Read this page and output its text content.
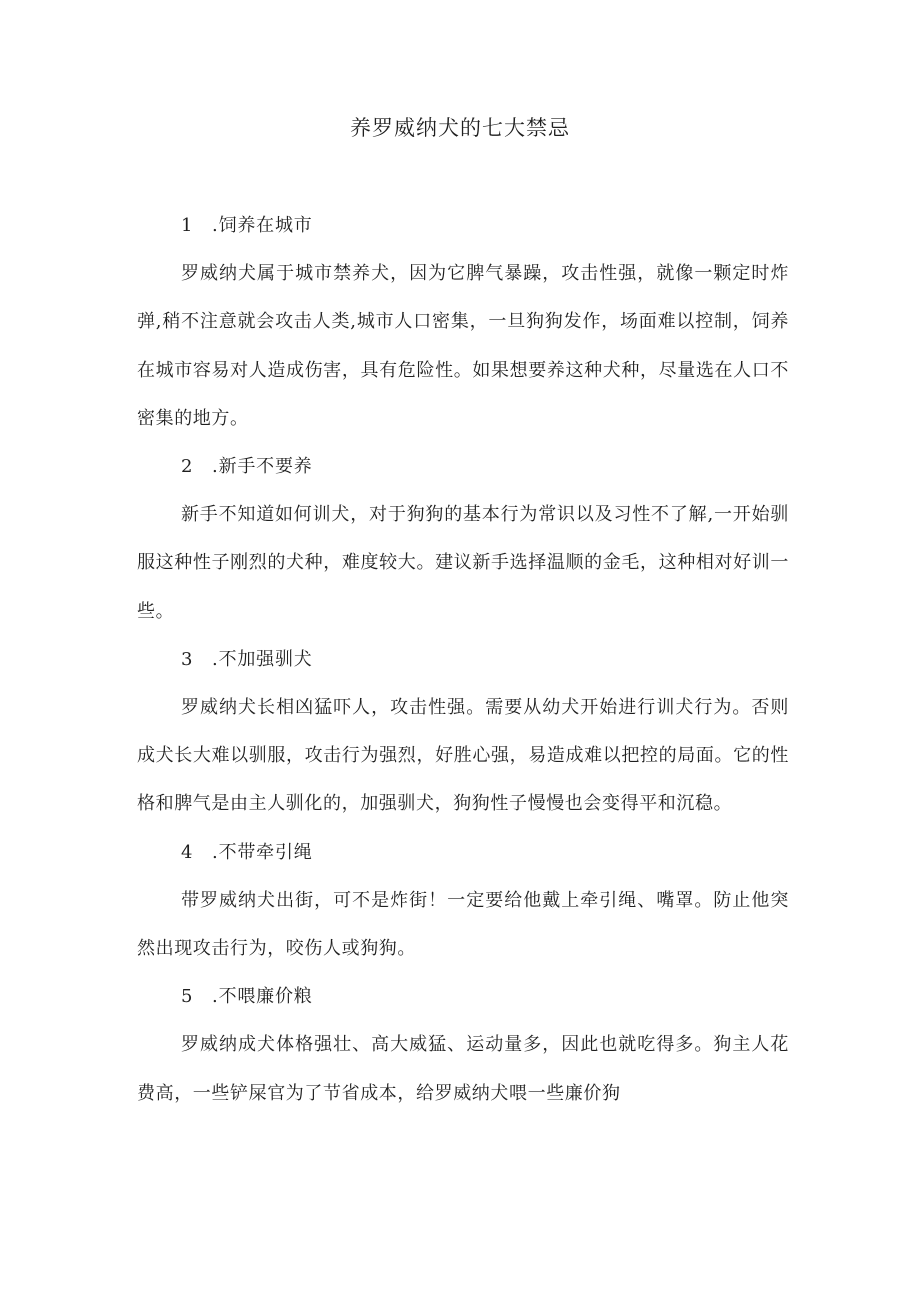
养罗威纳犬的七大禁忌

1　.饲养在城市

罗威纳犬属于城市禁养犬，因为它脾气暴躁，攻击性强，就像一颗定时炸弹,稍不注意就会攻击人类,城市人口密集，一旦狗狗发作，场面难以控制，饲养在城市容易对人造成伤害，具有危险性。如果想要养这种犬种，尽量选在人口不密集的地方。

2　.新手不要养

新手不知道如何训犬，对于狗狗的基本行为常识以及习性不了解,一开始驯服这种性子刚烈的犬种，难度较大。建议新手选择温顺的金毛，这种相对好训一些。

3　.不加强驯犬

罗威纳犬长相凶猛吓人，攻击性强。需要从幼犬开始进行训犬行为。否则成犬长大难以驯服，攻击行为强烈，好胜心强，易造成难以把控的局面。它的性格和脾气是由主人驯化的，加强驯犬，狗狗性子慢慢也会变得平和沉稳。

4　.不带牵引绳

带罗威纳犬出街，可不是炸街！一定要给他戴上牵引绳、嘴罩。防止他突然出现攻击行为，咬伤人或狗狗。

5　.不喂廉价粮

罗威纳成犬体格强壮、高大威猛、运动量多，因此也就吃得多。狗主人花费高，一些铲屎官为了节省成本，给罗威纳犬喂一些廉价狗
